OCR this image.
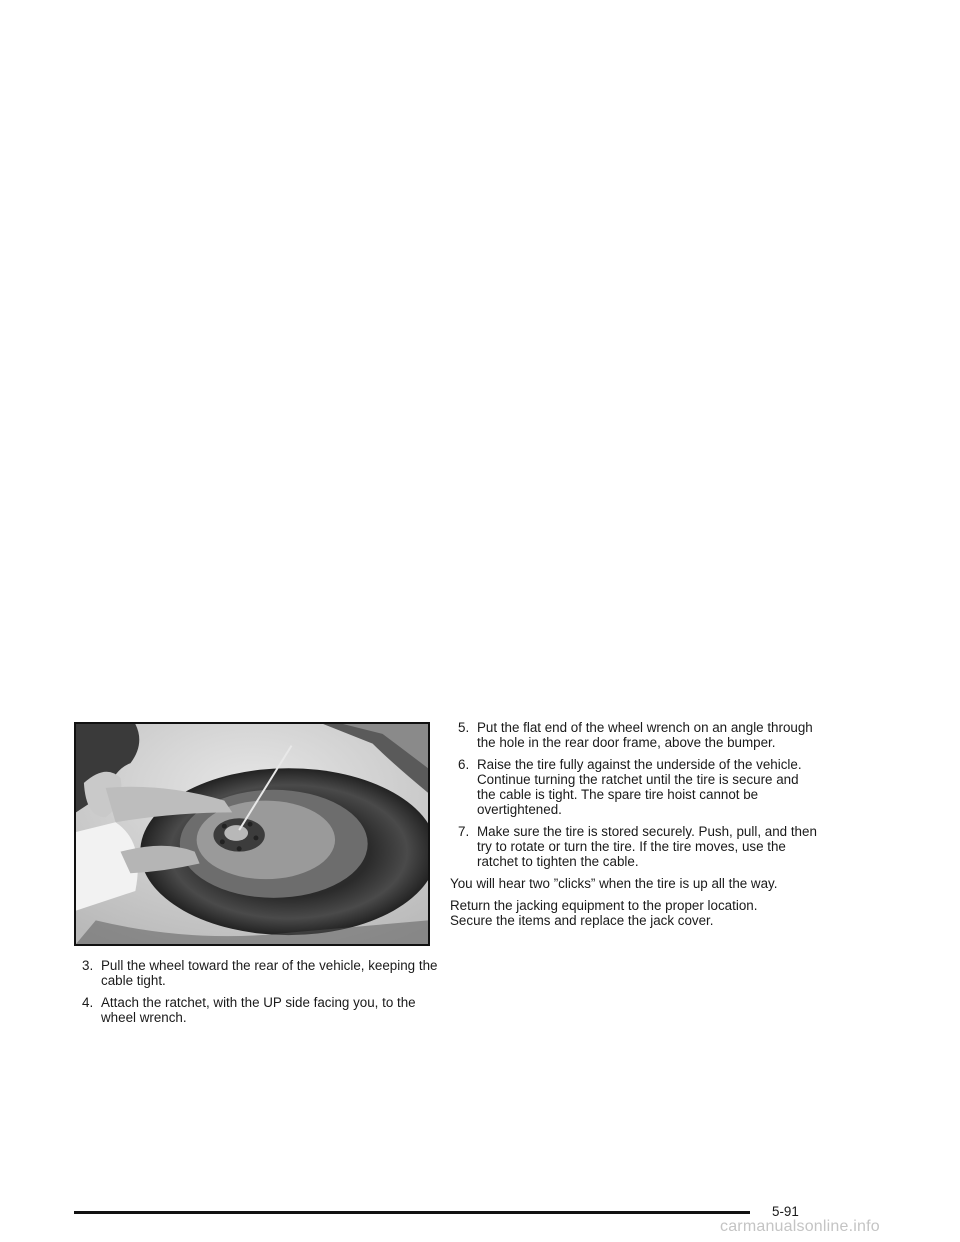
3. Pull the wheel toward the rear of the vehicle, keeping the cable tight.
4. Attach the ratchet, with the UP side facing you, to the wheel wrench.
5. Put the flat end of the wheel wrench on an angle through the hole in the rear door frame, above the bumper.
6. Raise the tire fully against the underside of the vehicle. Continue turning the ratchet until the tire is secure and the cable is tight. The spare tire hoist cannot be overtightened.
7. Make sure the tire is stored securely. Push, pull, and then try to rotate or turn the tire. If the tire moves, use the ratchet to tighten the cable.

You will hear two ”clicks” when the tire is up all the way.

Return the jacking equipment to the proper location. Secure the items and replace the jack cover.

5-91
carmanualsonline.info
